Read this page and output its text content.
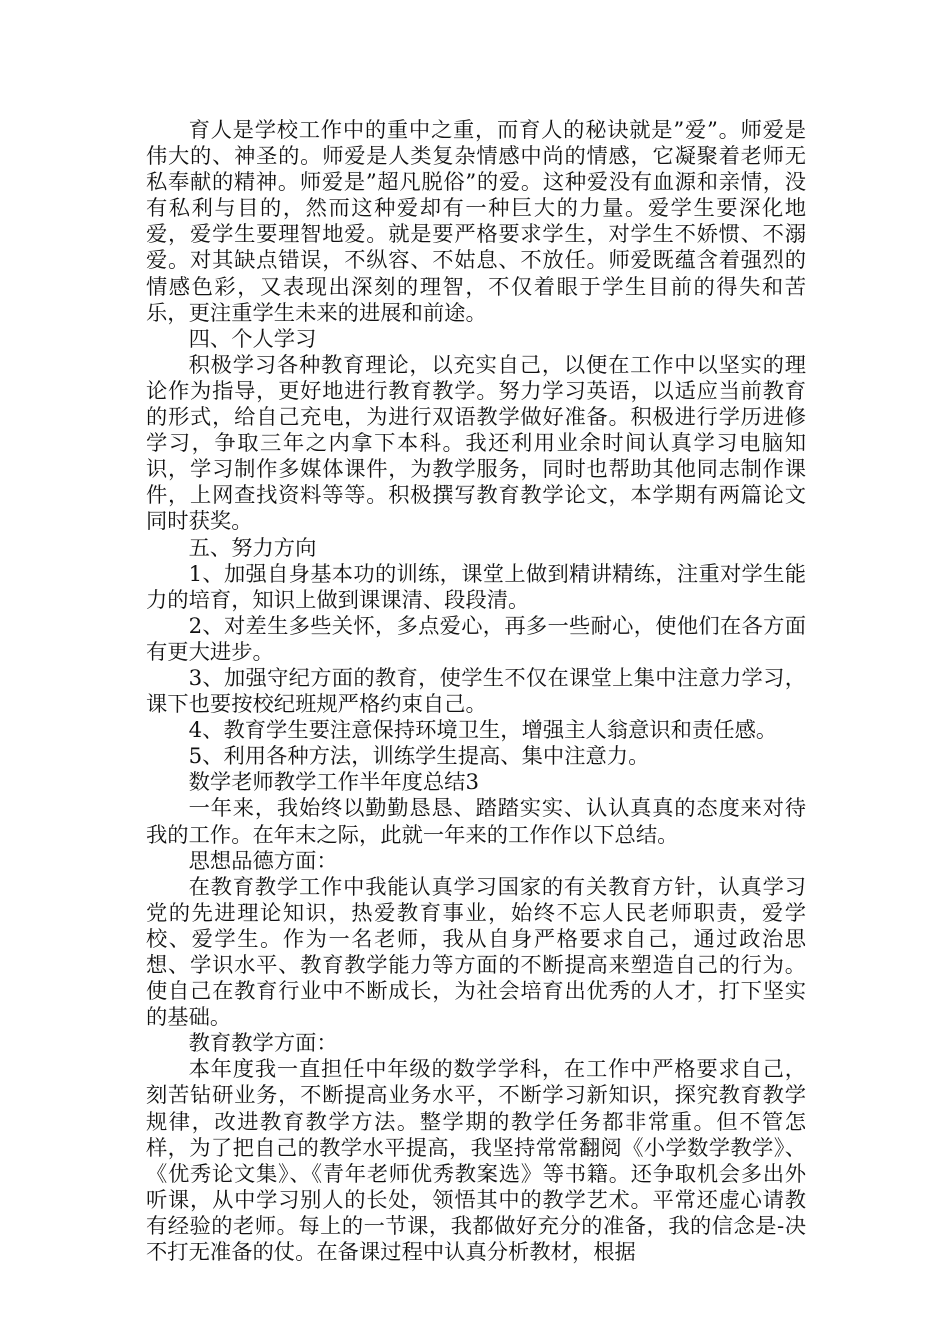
育人是学校工作中的重中之重，而育人的秘诀就是”爱”。师爱是伟大的、神圣的。师爱是人类复杂情感中尚的情感，它凝聚着老师无私奉献的精神。师爱是”超凡脱俗”的爱。这种爱没有血源和亲情，没有私利与目的，然而这种爱却有一种巨大的力量。爱学生要深化地爱，爱学生要理智地爱。就是要严格要求学生，对学生不娇惯、不溺爱。对其缺点错误，不纵容、不姑息、不放任。师爱既蕴含着强烈的情感色彩，又表现出深刻的理智，不仅着眼于学生目前的得失和苦乐，更注重学生未来的进展和前途。

四、个人学习

积极学习各种教育理论，以充实自己，以便在工作中以坚实的理论作为指导，更好地进行教育教学。努力学习英语，以适应当前教育的形式，给自己充电，为进行双语教学做好准备。积极进行学历进修学习，争取三年之内拿下本科。我还利用业余时间认真学习电脑知识，学习制作多媒体课件，为教学服务，同时也帮助其他同志制作课件，上网查找资料等等。积极撰写教育教学论文，本学期有两篇论文同时获奖。

五、努力方向

1、加强自身基本功的训练，课堂上做到精讲精练，注重对学生能力的培育，知识上做到课课清、段段清。

2、对差生多些关怀，多点爱心，再多一些耐心，使他们在各方面有更大进步。

3、加强守纪方面的教育，使学生不仅在课堂上集中注意力学习，课下也要按校纪班规严格约束自己。

4、教育学生要注意保持环境卫生，增强主人翁意识和责任感。

5、利用各种方法，训练学生提高、集中注意力。

数学老师教学工作半年度总结3

一年来，我始终以勤勤恳恳、踏踏实实、认认真真的态度来对待我的工作。在年末之际，此就一年来的工作作以下总结。

思想品德方面：

在教育教学工作中我能认真学习国家的有关教育方针，认真学习党的先进理论知识，热爱教育事业，始终不忘人民老师职责，爱学校、爱学生。作为一名老师，我从自身严格要求自己，通过政治思想、学识水平、教育教学能力等方面的不断提高来塑造自己的行为。使自己在教育行业中不断成长，为社会培育出优秀的人才，打下坚实的基础。

教育教学方面：

本年度我一直担任中年级的数学学科，在工作中严格要求自己，刻苦钻研业务，不断提高业务水平，不断学习新知识，探究教育教学规律，改进教育教学方法。整学期的教学任务都非常重。但不管怎样，为了把自己的教学水平提高，我坚持常常翻阅《小学数学教学》、《优秀论文集》、《青年老师优秀教案选》等书籍。还争取机会多出外听课，从中学习别人的长处，领悟其中的教学艺术。平常还虚心请教有经验的老师。每上的一节课，我都做好充分的准备，我的信念是-决不打无准备的仗。在备课过程中认真分析教材，根据
